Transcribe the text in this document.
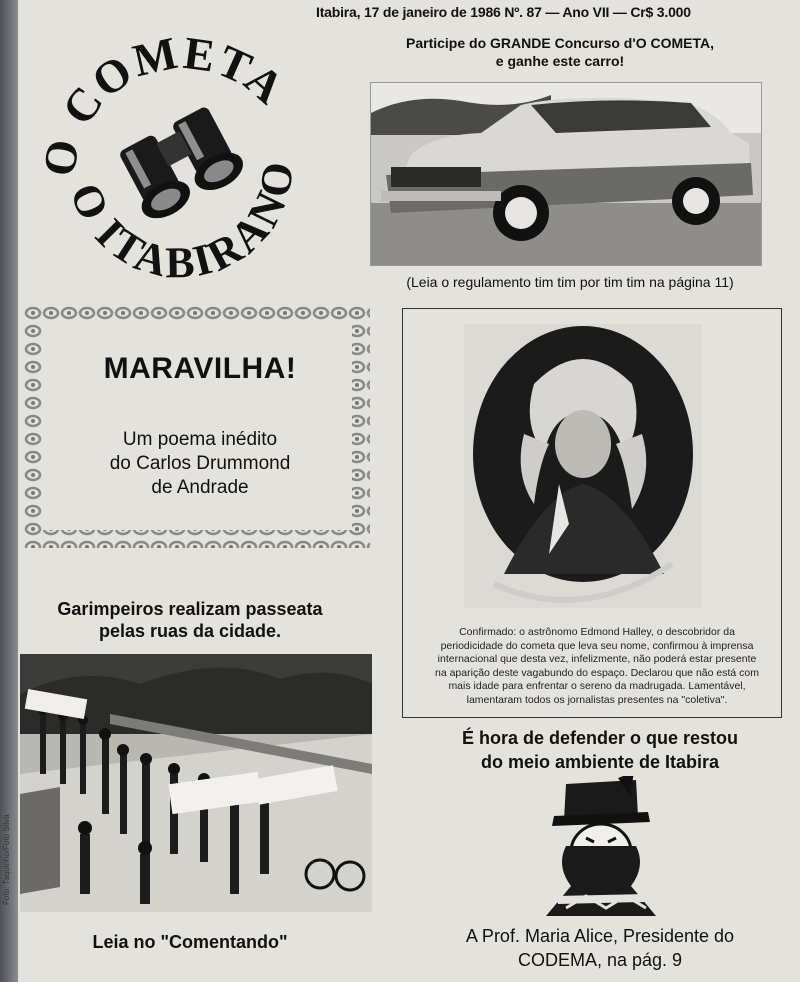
Itabira, 17 de janeiro de 1986 Nº. 87 — Ano VII — Cr$ 3.000
O COMETA
O ITABIRANO
Participe do GRANDE Concurso d'O COMETA,
e ganhe este carro!
(Leia o regulamento tim tim por tim tim na página 11)
MARAVILHA!
Um poema inédito
do Carlos Drummond
de Andrade
Confirmado: o astrônomo Edmond Halley, o descobridor da periodicidade do cometa que leva seu nome, confirmou à imprensa internacional que desta vez, infelizmente, não poderá estar presente na aparição deste vagabundo do espaço. Declarou que não está com mais idade para enfrentar o sereno da madrugada. Lamentável, lamentaram todos os jornalistas presentes na "coletiva".
Garimpeiros realizam passeata
pelas ruas da cidade.
Foto: Taquinho/Foto Silva
Leia no "Comentando"
É hora de defender o que restou
do meio ambiente de Itabira
A Prof. Maria Alice, Presidente do
CODEMA, na pág. 9
